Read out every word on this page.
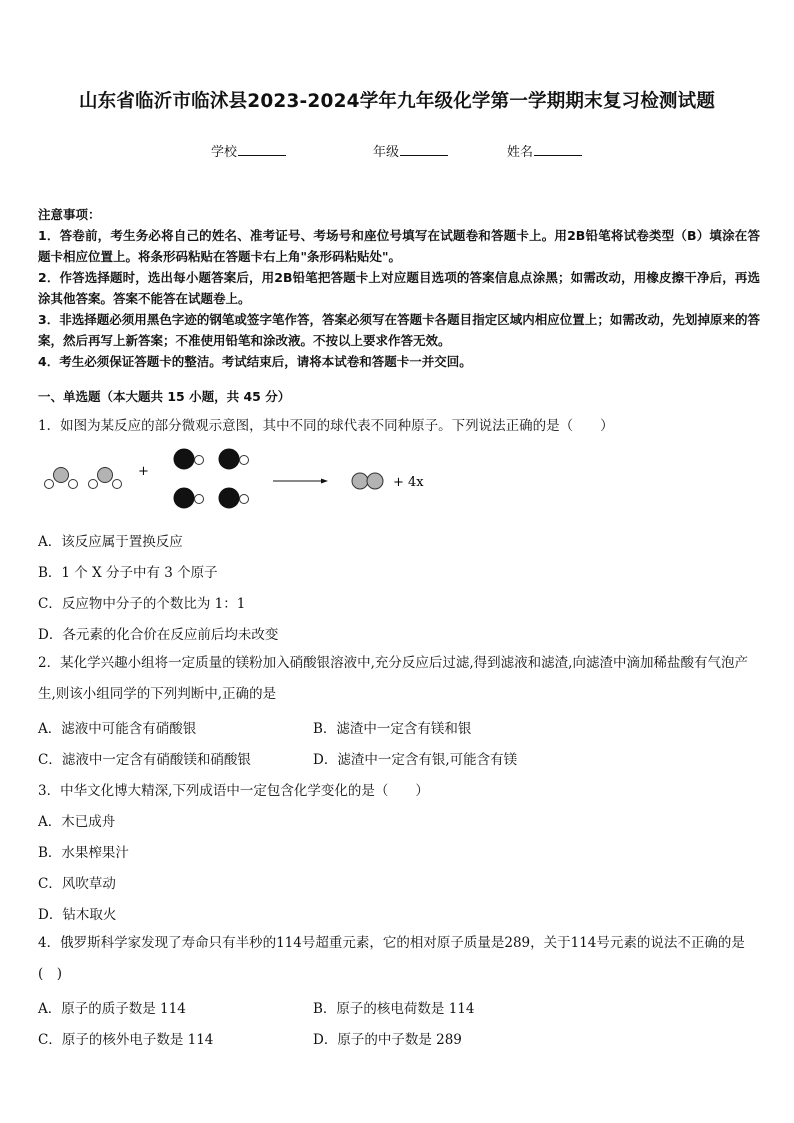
山东省临沂市临沭县2023-2024学年九年级化学第一学期期末复习检测试题
学校	年级	姓名

注意事项：

1．答卷前，考生务必将自己的姓名、准考证号、考场号和座位号填写在试题卷和答题卡上。用2B铅笔将试卷类型（B）填涂在答题卡相应位置上。将条形码粘贴在答题卡右上角"条形码粘贴处"。

2．作答选择题时，选出每小题答案后，用2B铅笔把答题卡上对应题目选项的答案信息点涂黑；如需改动，用橡皮擦干净后，再选涂其他答案。答案不能答在试题卷上。

3．非选择题必须用黑色字迹的钢笔或签字笔作答，答案必须写在答题卡各题目指定区域内相应位置上；如需改动，先划掉原来的答案，然后再写上新答案；不准使用铅笔和涂改液。不按以上要求作答无效。

4．考生必须保证答题卡的整洁。考试结束后，请将本试卷和答题卡一并交回。

一、单选题（本大题共 15 小题，共 45 分）
1．如图为某反应的部分微观示意图，其中不同的球代表不同种原子。下列说法正确的是（　　）
+
+ 4x
A．该反应属于置换反应
B．1 个 X 分子中有 3 个原子
C．反应物中分子的个数比为 1：1
D．各元素的化合价在反应前后均未改变
2．某化学兴趣小组将一定质量的镁粉加入硝酸银溶液中,充分反应后过滤,得到滤液和滤渣,向滤渣中滴加稀盐酸有气泡产生,则该小组同学的下列判断中,正确的是
A．滤液中可能含有硝酸银	B．滤渣中一定含有镁和银
C．滤液中一定含有硝酸镁和硝酸银	D．滤渣中一定含有银,可能含有镁
3．中华文化博大精深,下列成语中一定包含化学变化的是（　　）
A．木已成舟
B．水果榨果汁
C．风吹草动
D．钻木取火
4．俄罗斯科学家发现了寿命只有半秒的114号超重元素，它的相对原子质量是289，关于114号元素的说法不正确的是(　)
A．原子的质子数是 114	B．原子的核电荷数是 114
C．原子的核外电子数是 114	D．原子的中子数是 289
